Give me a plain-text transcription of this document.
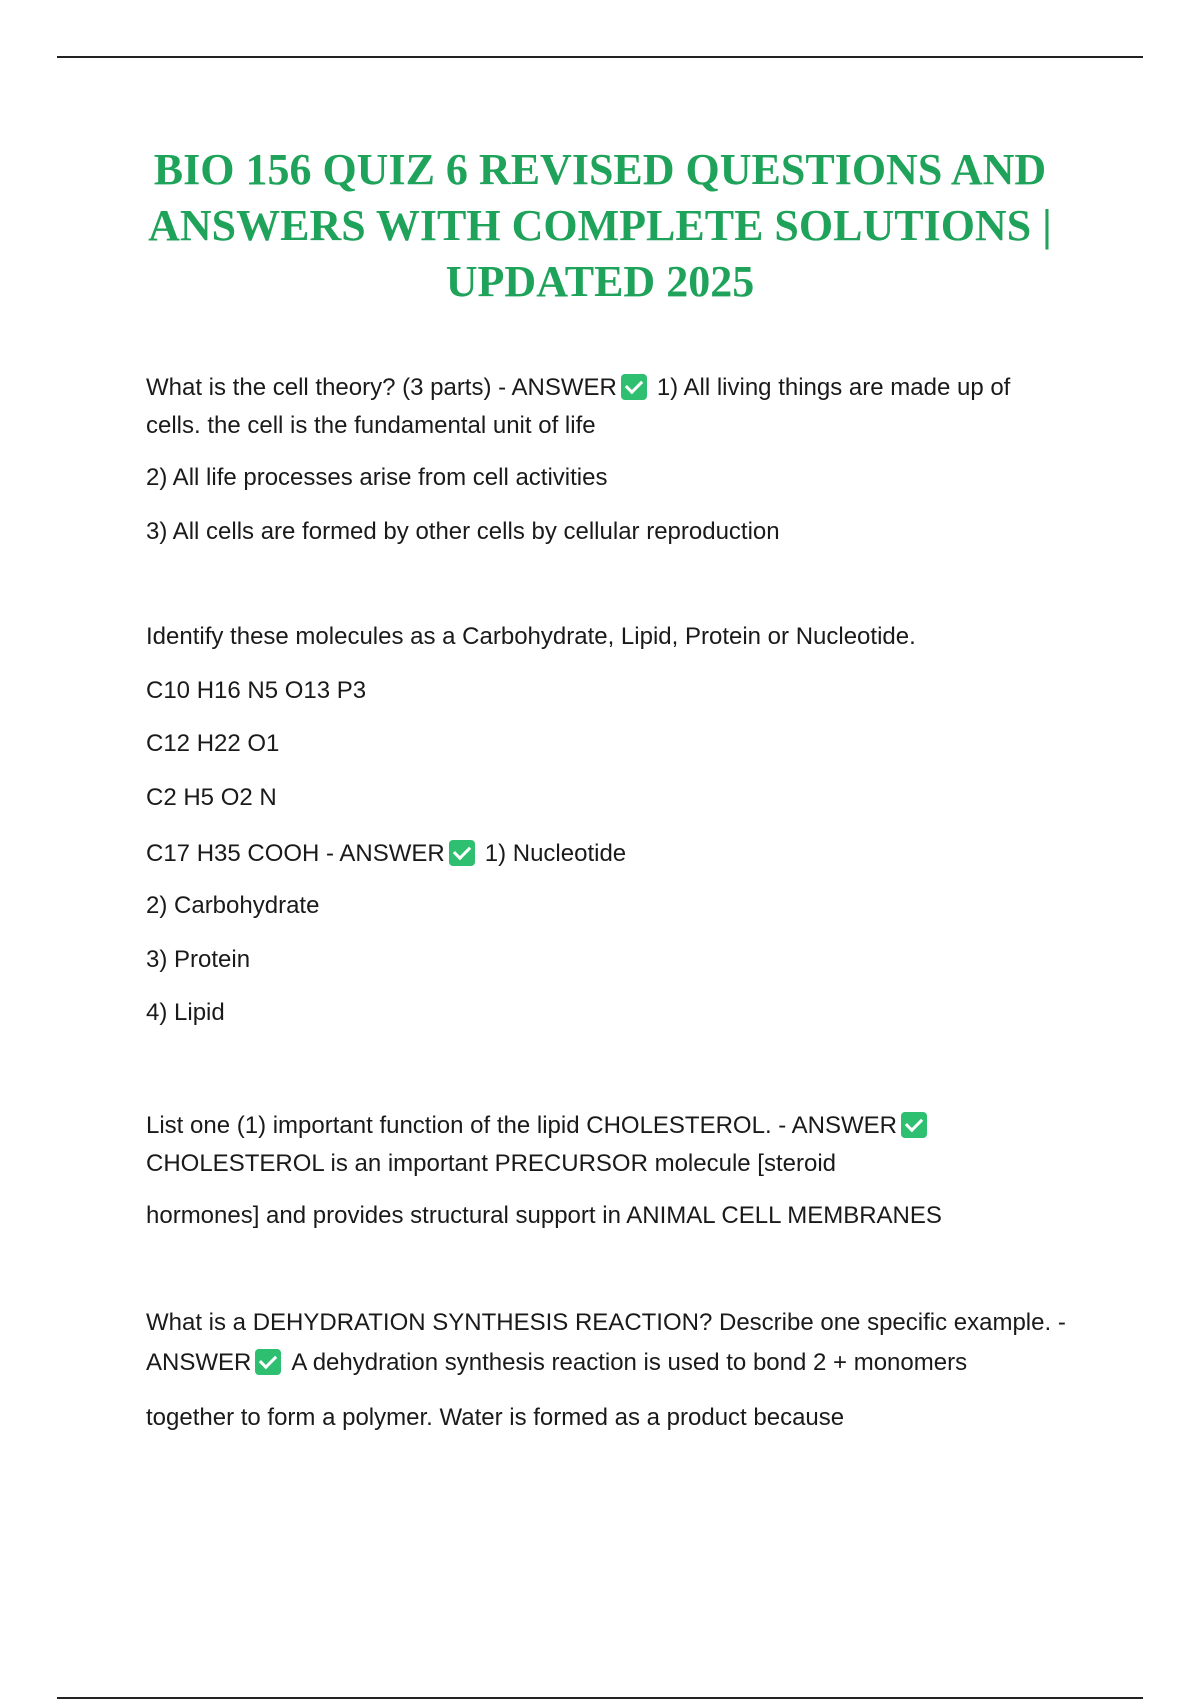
BIO 156 QUIZ 6 REVISED QUESTIONS AND
ANSWERS WITH COMPLETE SOLUTIONS |
UPDATED 2025
What is the cell theory? (3 parts) - ANSWER 1) All living things are made up of
cells. the cell is the fundamental unit of life
2) All life processes arise from cell activities
3) All cells are formed by other cells by cellular reproduction
Identify these molecules as a Carbohydrate, Lipid, Protein or Nucleotide.
C10 H16 N5 O13 P3
C12 H22 O1
C2 H5 O2 N
C17 H35 COOH - ANSWER 1) Nucleotide
2) Carbohydrate
3) Protein
4) Lipid
List one (1) important function of the lipid CHOLESTEROL. - ANSWER
CHOLESTEROL is an important PRECURSOR molecule [steroid
hormones] and provides structural support in ANIMAL CELL MEMBRANES
What is a DEHYDRATION SYNTHESIS REACTION? Describe one specific example. -
ANSWER A dehydration synthesis reaction is used to bond 2 + monomers
together to form a polymer. Water is formed as a product because
